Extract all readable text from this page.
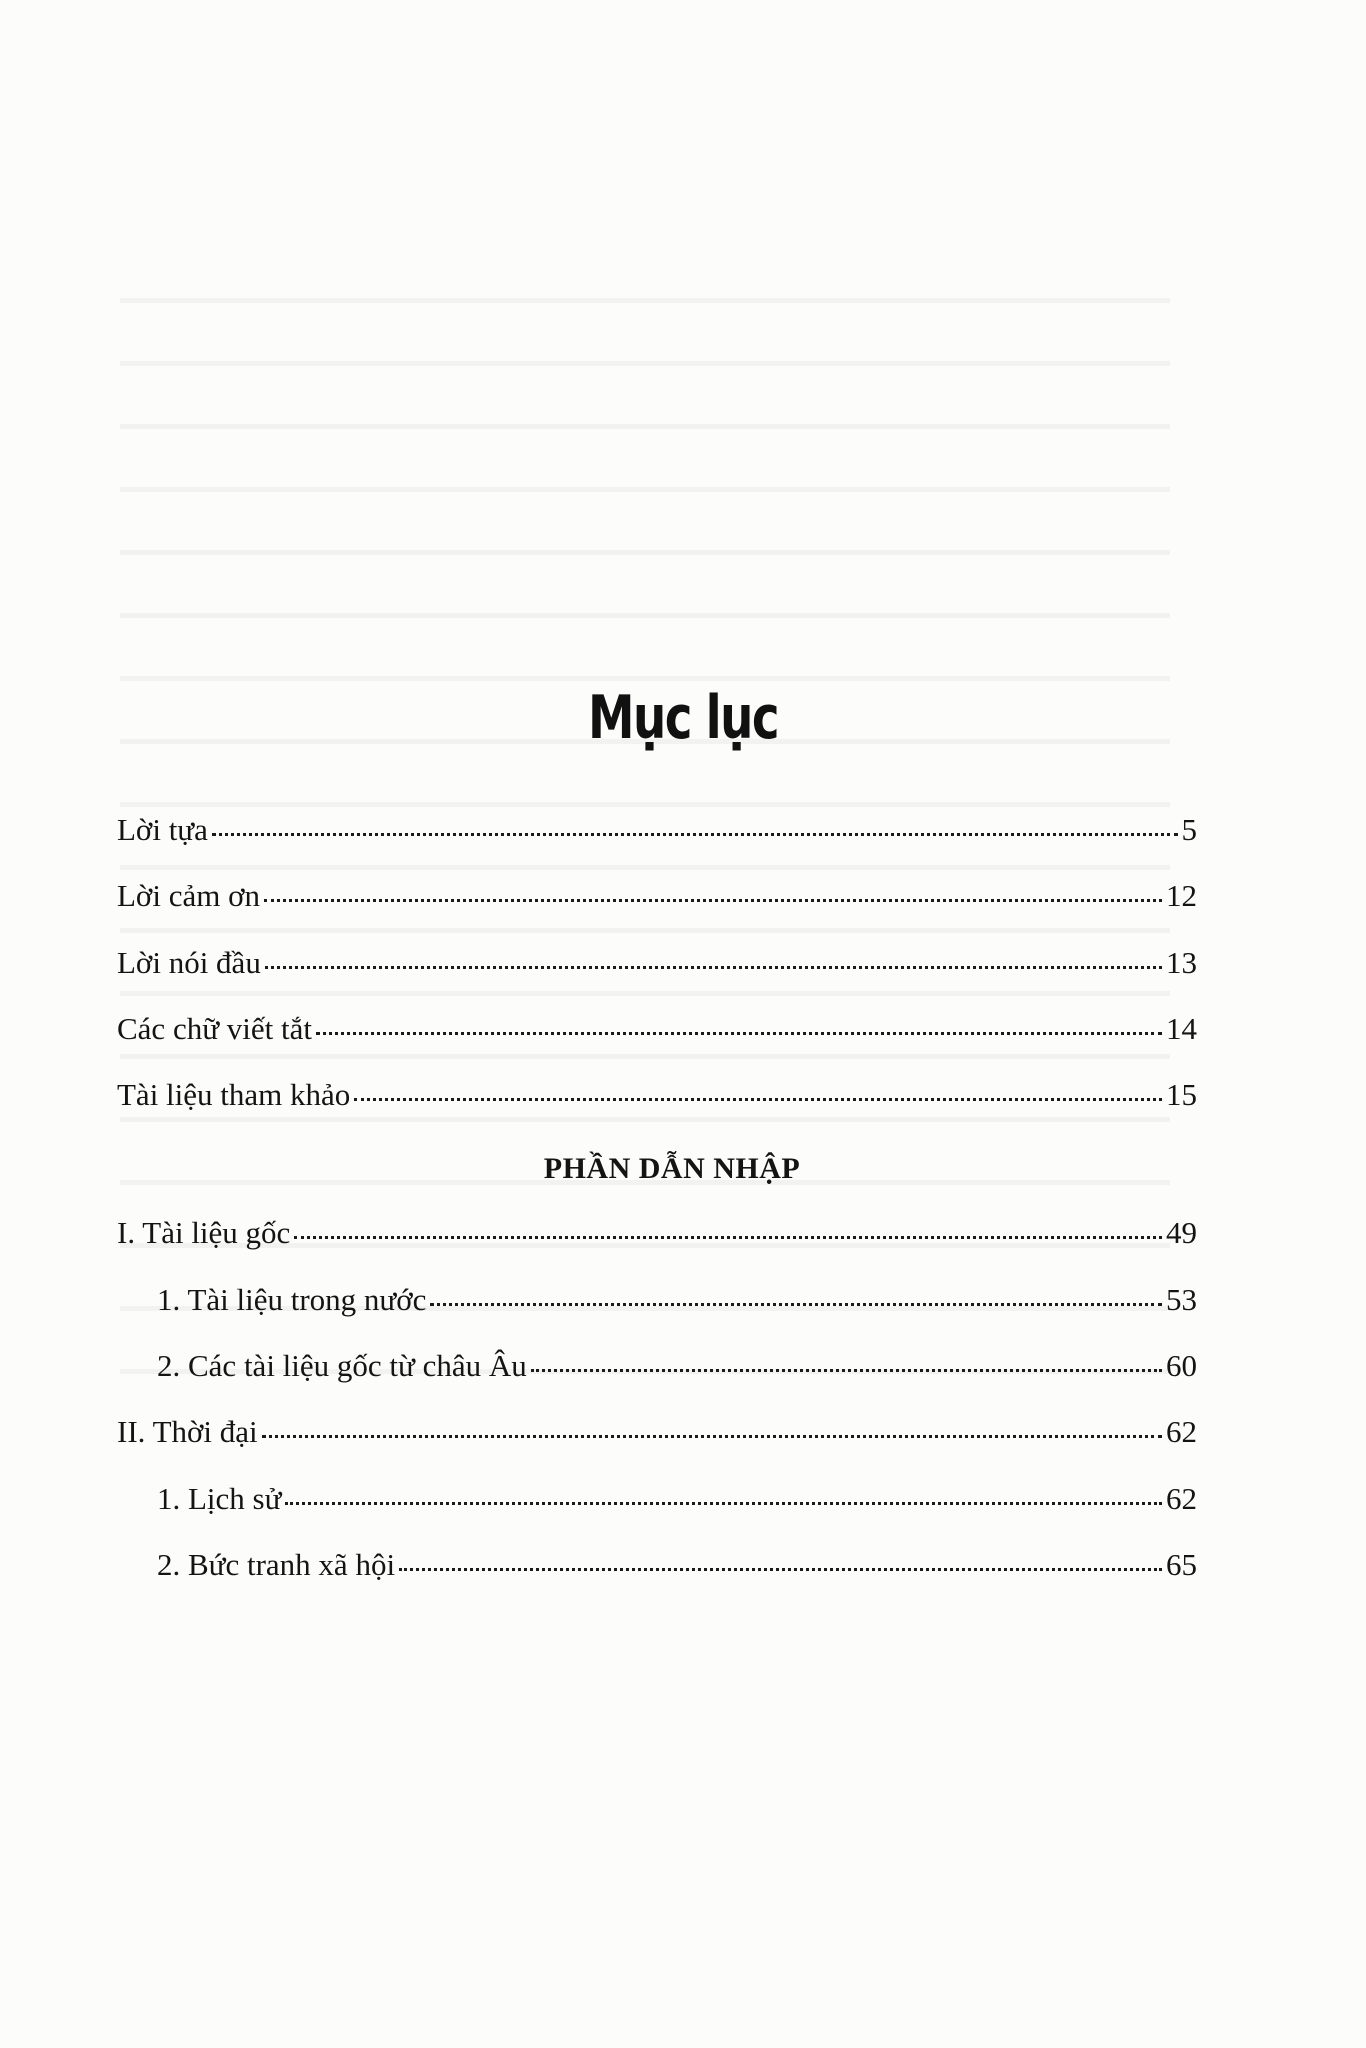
Mục lục
Lời tựa	5
Lời cảm ơn	12
Lời nói đầu	13
Các chữ viết tắt	14
Tài liệu tham khảo	15
PHẦN DẪN NHẬP
I. Tài liệu gốc	49
1. Tài liệu trong nước	53
2. Các tài liệu gốc từ châu Âu	60
II. Thời đại	62
1. Lịch sử	62
2. Bức tranh xã hội	65
